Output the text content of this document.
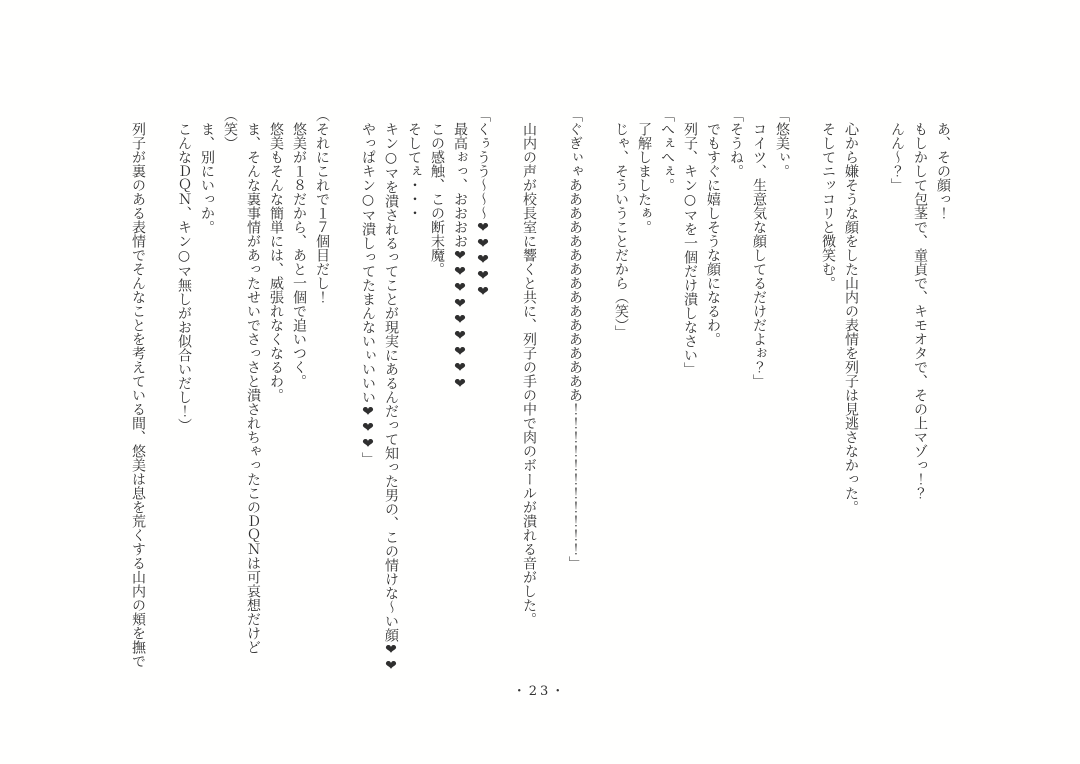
あ、その顔っ！

もしかして包茎で、童貞で、キモオタで、その上マゾっ！？

んん〜？」

心から嫌そうな顔をした山内の表情を列子は見逃さなかった。

そしてニッコリと微笑む。

「悠美ぃ。

コイツ、生意気な顔してるだけだよぉ？」

「そうね。

でもすぐに嬉しそうな顔になるわ。

列子、キン○マを一個だけ潰しなさい」

「へぇへぇ。

了解しましたぁ。

じゃ、そういうことだから（笑）」

「ぐぎぃゃああああああああああああああああ！！！！！！！！！！！」

山内の声が校長室に響くと共に、列子の手の中で肉のボールが潰れる音がした。

「くぅうう〜〜〜❤❤❤❤❤

最高ぉっ、おおおお❤❤❤❤❤❤❤❤❤

この感触、この断末魔。

そしてぇ・・・

キン○マを潰されるってことが現実にあるんだって知った男の、この情けな〜い顔❤❤

やっぱキン○マ潰しってたまんないぃいいい❤❤❤」

（それにこれで１７個目だし！

悠美が１８だから、あと一個で追いつく。

悠美もそんな簡単には、威張れなくなるわ。

ま、そんな裏事情があったせいでさっさと潰されちゃったこのＤＱＮは可哀想だけど

（笑）

ま、別にいっか。

こんなＤＱＮ、キン○マ無しがお似合いだし！）

列子が裏のある表情でそんなことを考えている間、悠美は息を荒くする山内の頬を撫で

・23・
